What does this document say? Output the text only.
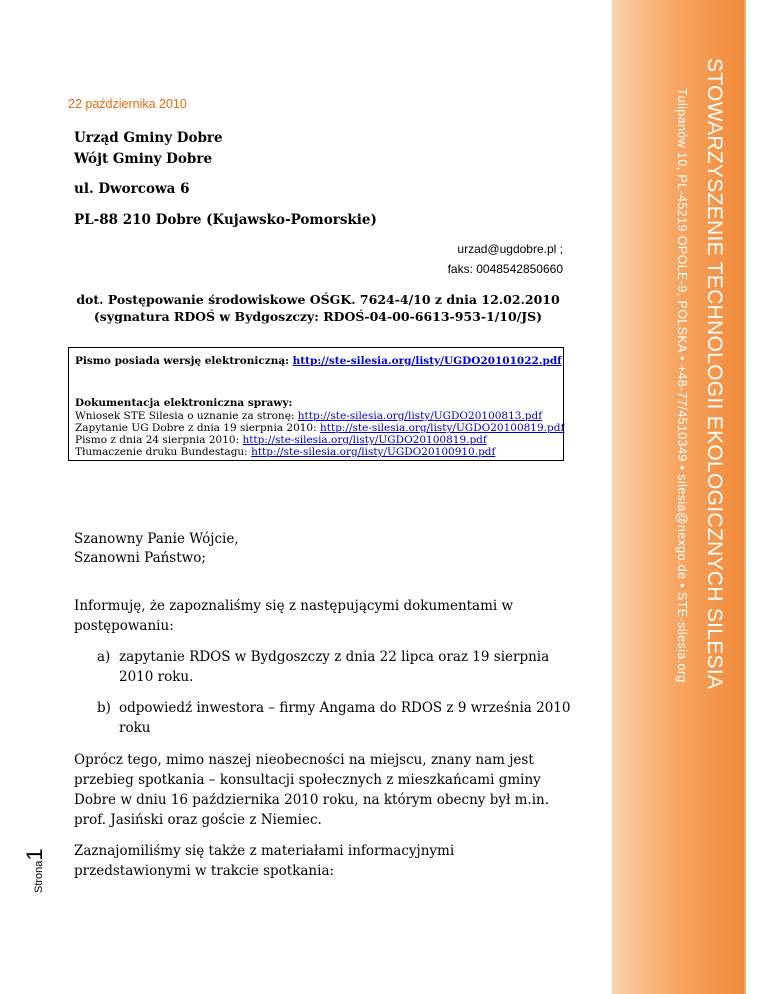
STOWARZYSZENIE TECHNOLOGII EKOLOGICZNYCH SILESIA
Tulipanów 10, PL-45219 OPOLE-9, POLSKA • +48-77/4510349 • silesia@nexgo.de • STE-silesia.org
22 października 2010
Urząd Gminy Dobre
Wójt Gminy Dobre
ul. Dworcowa 6
PL-88 210 Dobre (Kujawsko-Pomorskie)
urzad@ugdobre.pl ;
faks: 0048542850660
dot. Postępowanie środowiskowe OŚGK. 7624-4/10 z dnia 12.02.2010
(sygnatura RDOŚ w Bydgoszczy: RDOŚ-04-00-6613-953-1/10/JS)
Pismo posiada wersję elektroniczną: http://ste-silesia.org/listy/UGDO20101022.pdf
Dokumentacja elektroniczna sprawy:
Wniosek STE Silesia o uznanie za stronę: http://ste-silesia.org/listy/UGDO20100813.pdf
Zapytanie UG Dobre z dnia 19 sierpnia 2010: http://ste-silesia.org/listy/UGDO20100819.pdf
Pismo z dnia 24 sierpnia 2010: http://ste-silesia.org/listy/UGDO20100819.pdf
Tłumaczenie druku Bundestagu: http://ste-silesia.org/listy/UGDO20100910.pdf
Szanowny Panie Wójcie,
Szanowni Państwo;
Informuję, że zapoznaliśmy się z następującymi dokumentami w
postępowaniu:
a) zapytanie RDOS w Bydgoszczy z dnia 22 lipca oraz 19 sierpnia
2010 roku.
b) odpowiedź inwestora – firmy Angama do RDOS z 9 września 2010
roku
Oprócz tego, mimo naszej nieobecności na miejscu, znany nam jest
przebieg spotkania – konsultacji społecznych z mieszkańcami gminy
Dobre w dniu 16 października 2010 roku, na którym obecny był m.in.
prof. Jasiński oraz goście z Niemiec.
Zaznajomiliśmy się także z materiałami informacyjnymi
przedstawionymi w trakcie spotkania:
Strona1
